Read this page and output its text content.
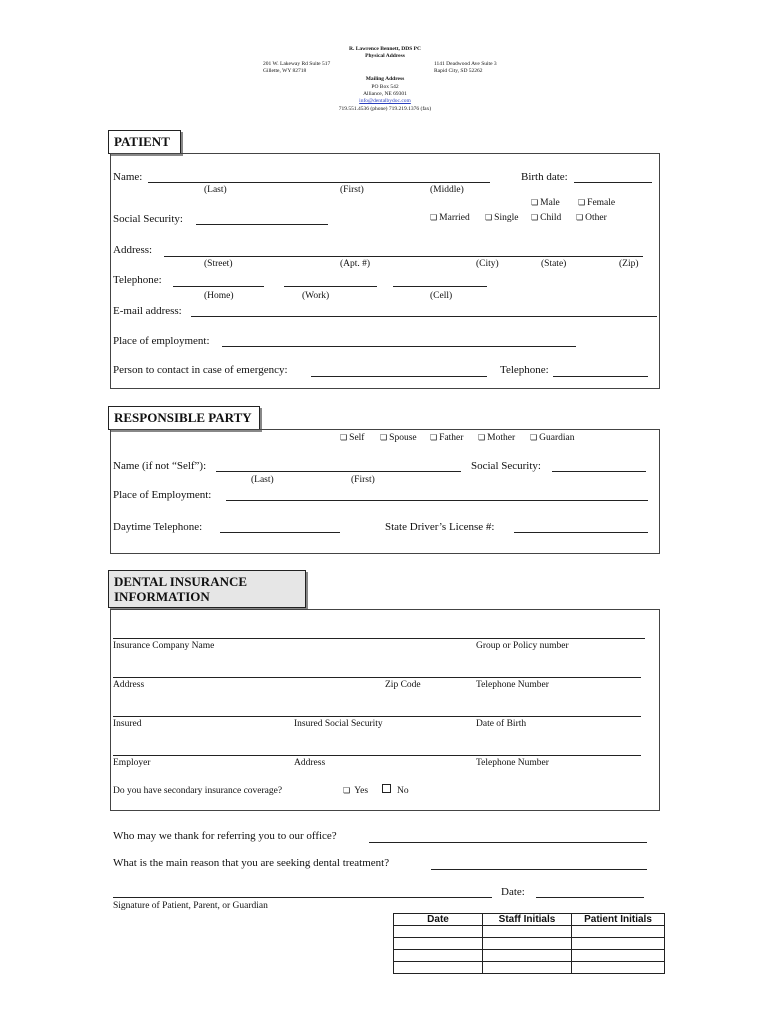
R. Lawrence Bennett, DDS PC
Physical Address
201 W. Lakeway Rd Suite 517
Gillette, WY 82718
1141 Deadwood Ave Suite 3
Rapid City, SD 52262
Mailing Address
PO Box 542
Alliance, NE 69301
info@dentalbydoc.com
719.551.4536 (phone) 719.219.1376 (fax)
PATIENT
Name:
(Last)	(First)	(Middle)
Birth date:
❏ Male ❏	Female
Social Security: ❏	Married ❏	Single ❏	Child ❏	Other
Address:
(Street)	(Apt. #)	(City)	(State)	(Zip)
Telephone:
(Home)	(Work)	(Cell)
E-mail address:
Place of employment:
Person to contact in case of emergency:	Telephone:
RESPONSIBLE PARTY
❏ Self ❏	Spouse ❏	Father ❏	Mother ❏	Guardian
Name (if not “Self”):	Social Security:
(Last)	(First)
Place of Employment:
Daytime Telephone:	State Driver’s License #:
DENTAL INSURANCE
INFORMATION
Insurance Company Name	Group or Policy number
Address	Zip Code	Telephone Number
Insured	Insured Social Security	Date of Birth
Employer	Address	Telephone Number
Do you have secondary insurance coverage? ❏	Yes	No
Who may we thank for referring you to our office?
What is the main reason that you are seeking dental treatment?
Date:
Signature of Patient, Parent, or Guardian
Date	Staff Initials	Patient Initials
